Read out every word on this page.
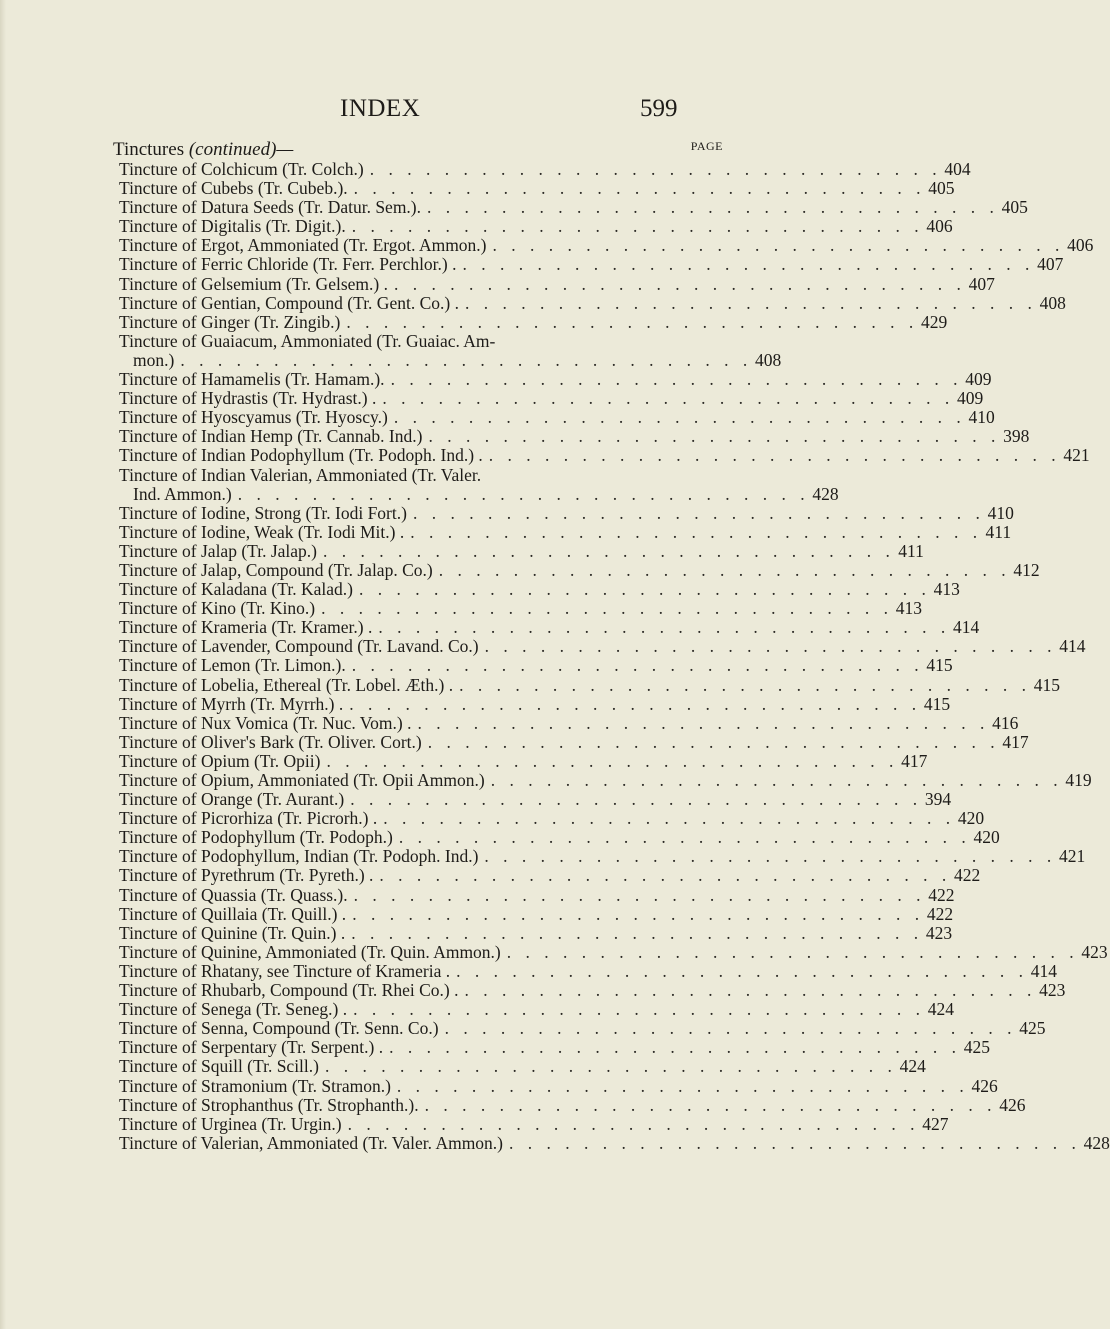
INDEX	599
Tinctures (continued)—	PAGE
Tincture of Colchicum (Tr. Colch.) . . .	404
Tincture of Cubebs (Tr. Cubeb.). . . .	405
Tincture of Datura Seeds (Tr. Datur. Sem.). . . .	405
Tincture of Digitalis (Tr. Digit.). . . .	406
Tincture of Ergot, Ammoniated (Tr. Ergot. Ammon.) . . .	406
Tincture of Ferric Chloride (Tr. Ferr. Perchlor.) . . . .	407
Tincture of Gelsemium (Tr. Gelsem.) . . . .	407
Tincture of Gentian, Compound (Tr. Gent. Co.) . . . .	408
Tincture of Ginger (Tr. Zingib.) . . .	429
Tincture of Guaiacum, Ammoniated (Tr. Guaiac. Am-
mon.) . . .	408
Tincture of Hamamelis (Tr. Hamam.). . . .	409
Tincture of Hydrastis (Tr. Hydrast.) . . . .	409
Tincture of Hyoscyamus (Tr. Hyoscy.) . . .	410
Tincture of Indian Hemp (Tr. Cannab. Ind.) . . .	398
Tincture of Indian Podophyllum (Tr. Podoph. Ind.) . . . .	421
Tincture of Indian Valerian, Ammoniated (Tr. Valer.
Ind. Ammon.) . . .	428
Tincture of Iodine, Strong (Tr. Iodi Fort.) . . .	410
Tincture of Iodine, Weak (Tr. Iodi Mit.) . . . .	411
Tincture of Jalap (Tr. Jalap.) . . .	411
Tincture of Jalap, Compound (Tr. Jalap. Co.) . . .	412
Tincture of Kaladana (Tr. Kalad.) . . .	413
Tincture of Kino (Tr. Kino.) . . .	413
Tincture of Krameria (Tr. Kramer.) . . . .	414
Tincture of Lavender, Compound (Tr. Lavand. Co.) . . .	414
Tincture of Lemon (Tr. Limon.). . . .	415
Tincture of Lobelia, Ethereal (Tr. Lobel. Æth.) . . . .	415
Tincture of Myrrh (Tr. Myrrh.) . . . .	415
Tincture of Nux Vomica (Tr. Nuc. Vom.) . . . .	416
Tincture of Oliver's Bark (Tr. Oliver. Cort.) . . .	417
Tincture of Opium (Tr. Opii) . . .	417
Tincture of Opium, Ammoniated (Tr. Opii Ammon.) . . .	419
Tincture of Orange (Tr. Aurant.) . . .	394
Tincture of Picrorhiza (Tr. Picrorh.) . . . .	420
Tincture of Podophyllum (Tr. Podoph.) . . .	420
Tincture of Podophyllum, Indian (Tr. Podoph. Ind.) . . .	421
Tincture of Pyrethrum (Tr. Pyreth.) . . . .	422
Tincture of Quassia (Tr. Quass.). . . .	422
Tincture of Quillaia (Tr. Quill.) . . . .	422
Tincture of Quinine (Tr. Quin.) . . . .	423
Tincture of Quinine, Ammoniated (Tr. Quin. Ammon.) . . .	423
Tincture of Rhatany, see Tincture of Krameria . . . .	414
Tincture of Rhubarb, Compound (Tr. Rhei Co.) . . . .	423
Tincture of Senega (Tr. Seneg.) . . . .	424
Tincture of Senna, Compound (Tr. Senn. Co.) . . .	425
Tincture of Serpentary (Tr. Serpent.) . . . .	425
Tincture of Squill (Tr. Scill.) . . .	424
Tincture of Stramonium (Tr. Stramon.) . . .	426
Tincture of Strophanthus (Tr. Strophanth.). . . .	426
Tincture of Urginea (Tr. Urgin.) . . .	427
Tincture of Valerian, Ammoniated (Tr. Valer. Ammon.) . . .	428
